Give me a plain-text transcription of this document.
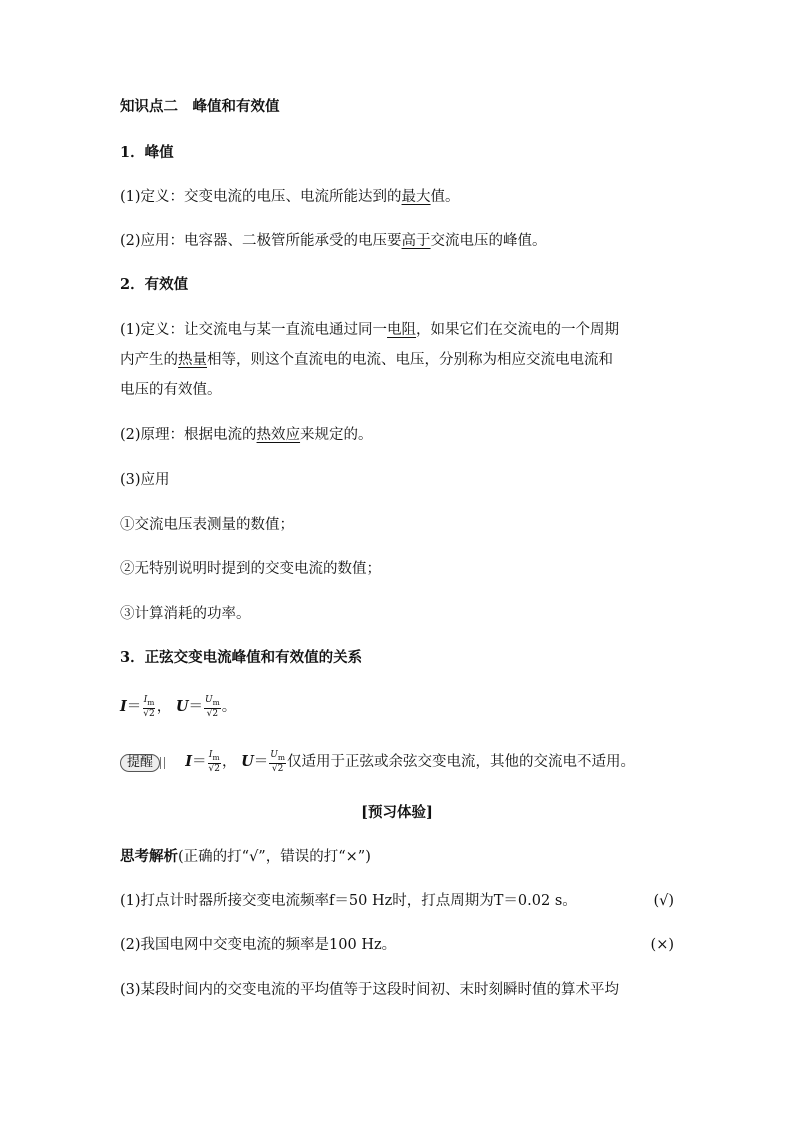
知识点二　峰值和有效值
1．峰值
(1)定义：交变电流的电压、电流所能达到的最大值。
(2)应用：电容器、二极管所能承受的电压要高于交流电压的峰值。
2．有效值
(1)定义：让交流电与某一直流电通过同一电阻，如果它们在交流电的一个周期
内产生的热量相等，则这个直流电的电流、电压，分别称为相应交流电电流和
电压的有效值。
(2)原理：根据电流的热效应来规定的。
(3)应用
①交流电压表测量的数值；
②无特别说明时提到的交变电流的数值；
③计算消耗的功率。
3．正弦交变电流峰值和有效值的关系
$I= \frac{I_m}{√2}$ ， $U= \frac{U_m}{√2}$ 。
提醒 $I= \frac{I_m}{√2}$ ， $U= \frac{U_m}{√2}$ 仅适用于正弦或余弦交变电流，其他的交流电不适用。
[预习体验]
思考解析(正确的打“√”，错误的打“×”)
(1)打点计时器所接交变电流频率f＝50 Hz时，打点周期为T＝0.02 s。	(√)
(2)我国电网中交变电流的频率是100 Hz。	(×)
(3)某段时间内的交变电流的平均值等于这段时间初、末时刻瞬时值的算术平均
